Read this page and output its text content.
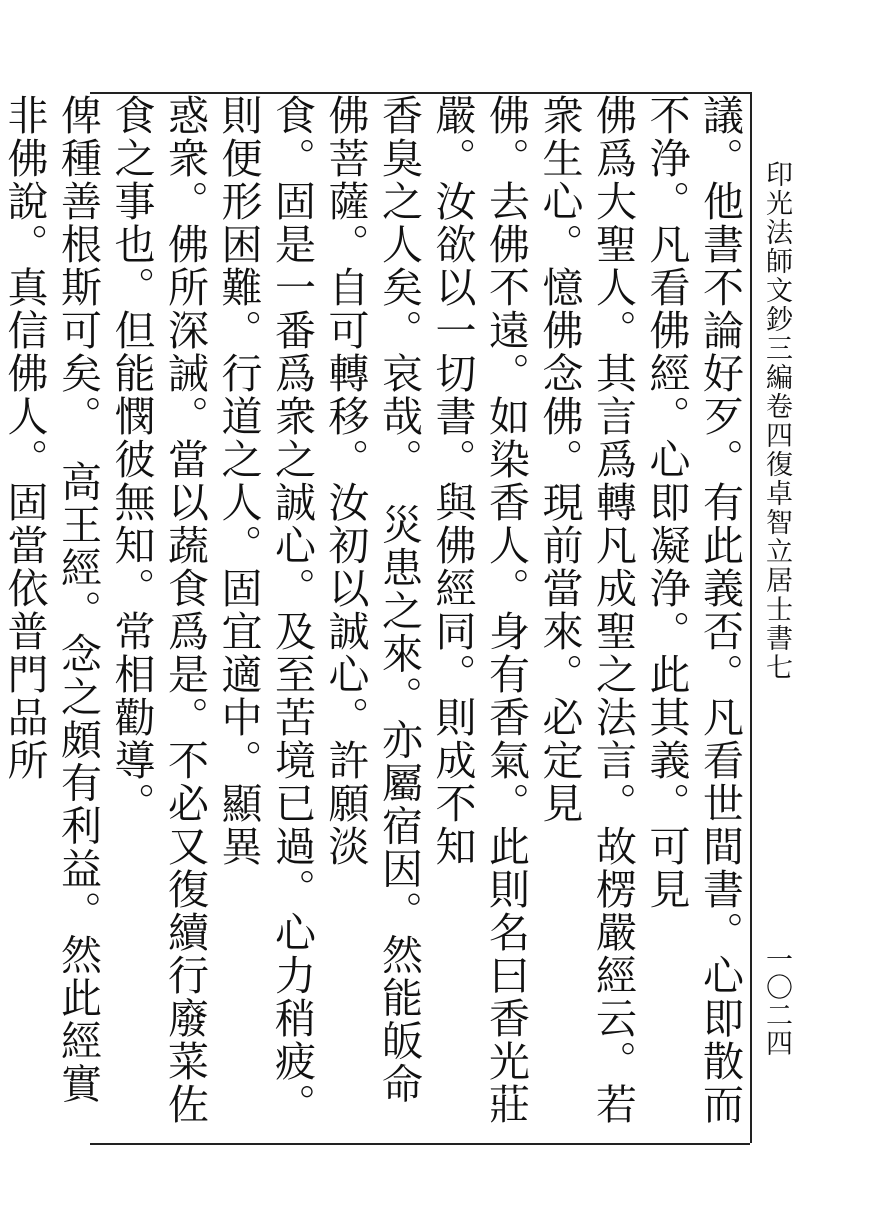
印光法師文鈔三編卷四
復卓智立居士書七
一〇二四
議。他書不論好歹。有此義否。凡看世間書。心即散而不浄。凡看佛經。心即凝浄。此其義。可見
佛爲大聖人。其言爲轉凡成聖之法言。故楞嚴經云。若衆生心。憶佛念佛。現前當來。必定見
佛。去佛不遠。如染香人。身有香氣。此則名曰香光莊嚴。汝欲以一切書。與佛經同。則成不知
香臭之人矣。哀哉。　災患之來。亦屬宿因。然能皈命佛菩薩。自可轉移。汝初以誠心。許願淡
食。固是一番爲衆之誠心。及至苦境已過。心力稍疲。則便形困難。行道之人。固宜適中。顯異
惑衆。佛所深誡。當以蔬食爲是。不必又復續行廢菜佐食之事也。但能憫彼無知。常相勸導。
俾種善根斯可矣。　高王經。念之頗有利益。然此經實非佛說。真信佛人。固當依普門品所
